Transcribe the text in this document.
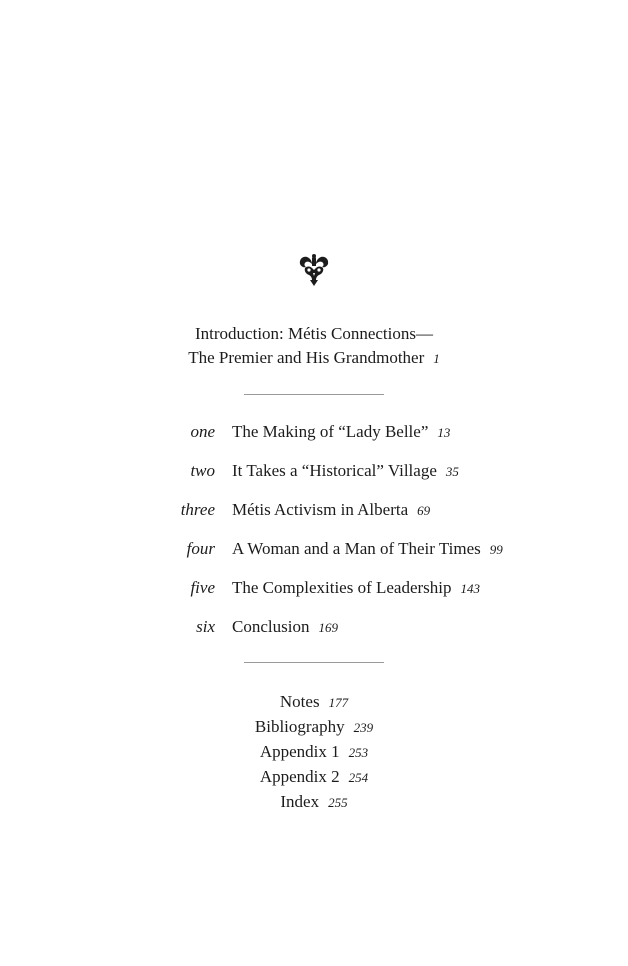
Introduction: Métis Connections—
The Premier and His Grandmother 1
one The Making of “Lady Belle” 13
two It Takes a “Historical” Village 35
three Métis Activism in Alberta 69
four A Woman and a Man of Their Times 99
five The Complexities of Leadership 143
six Conclusion 169
Notes 177
Bibliography 239
Appendix 1 253
Appendix 2 254
Index 255
